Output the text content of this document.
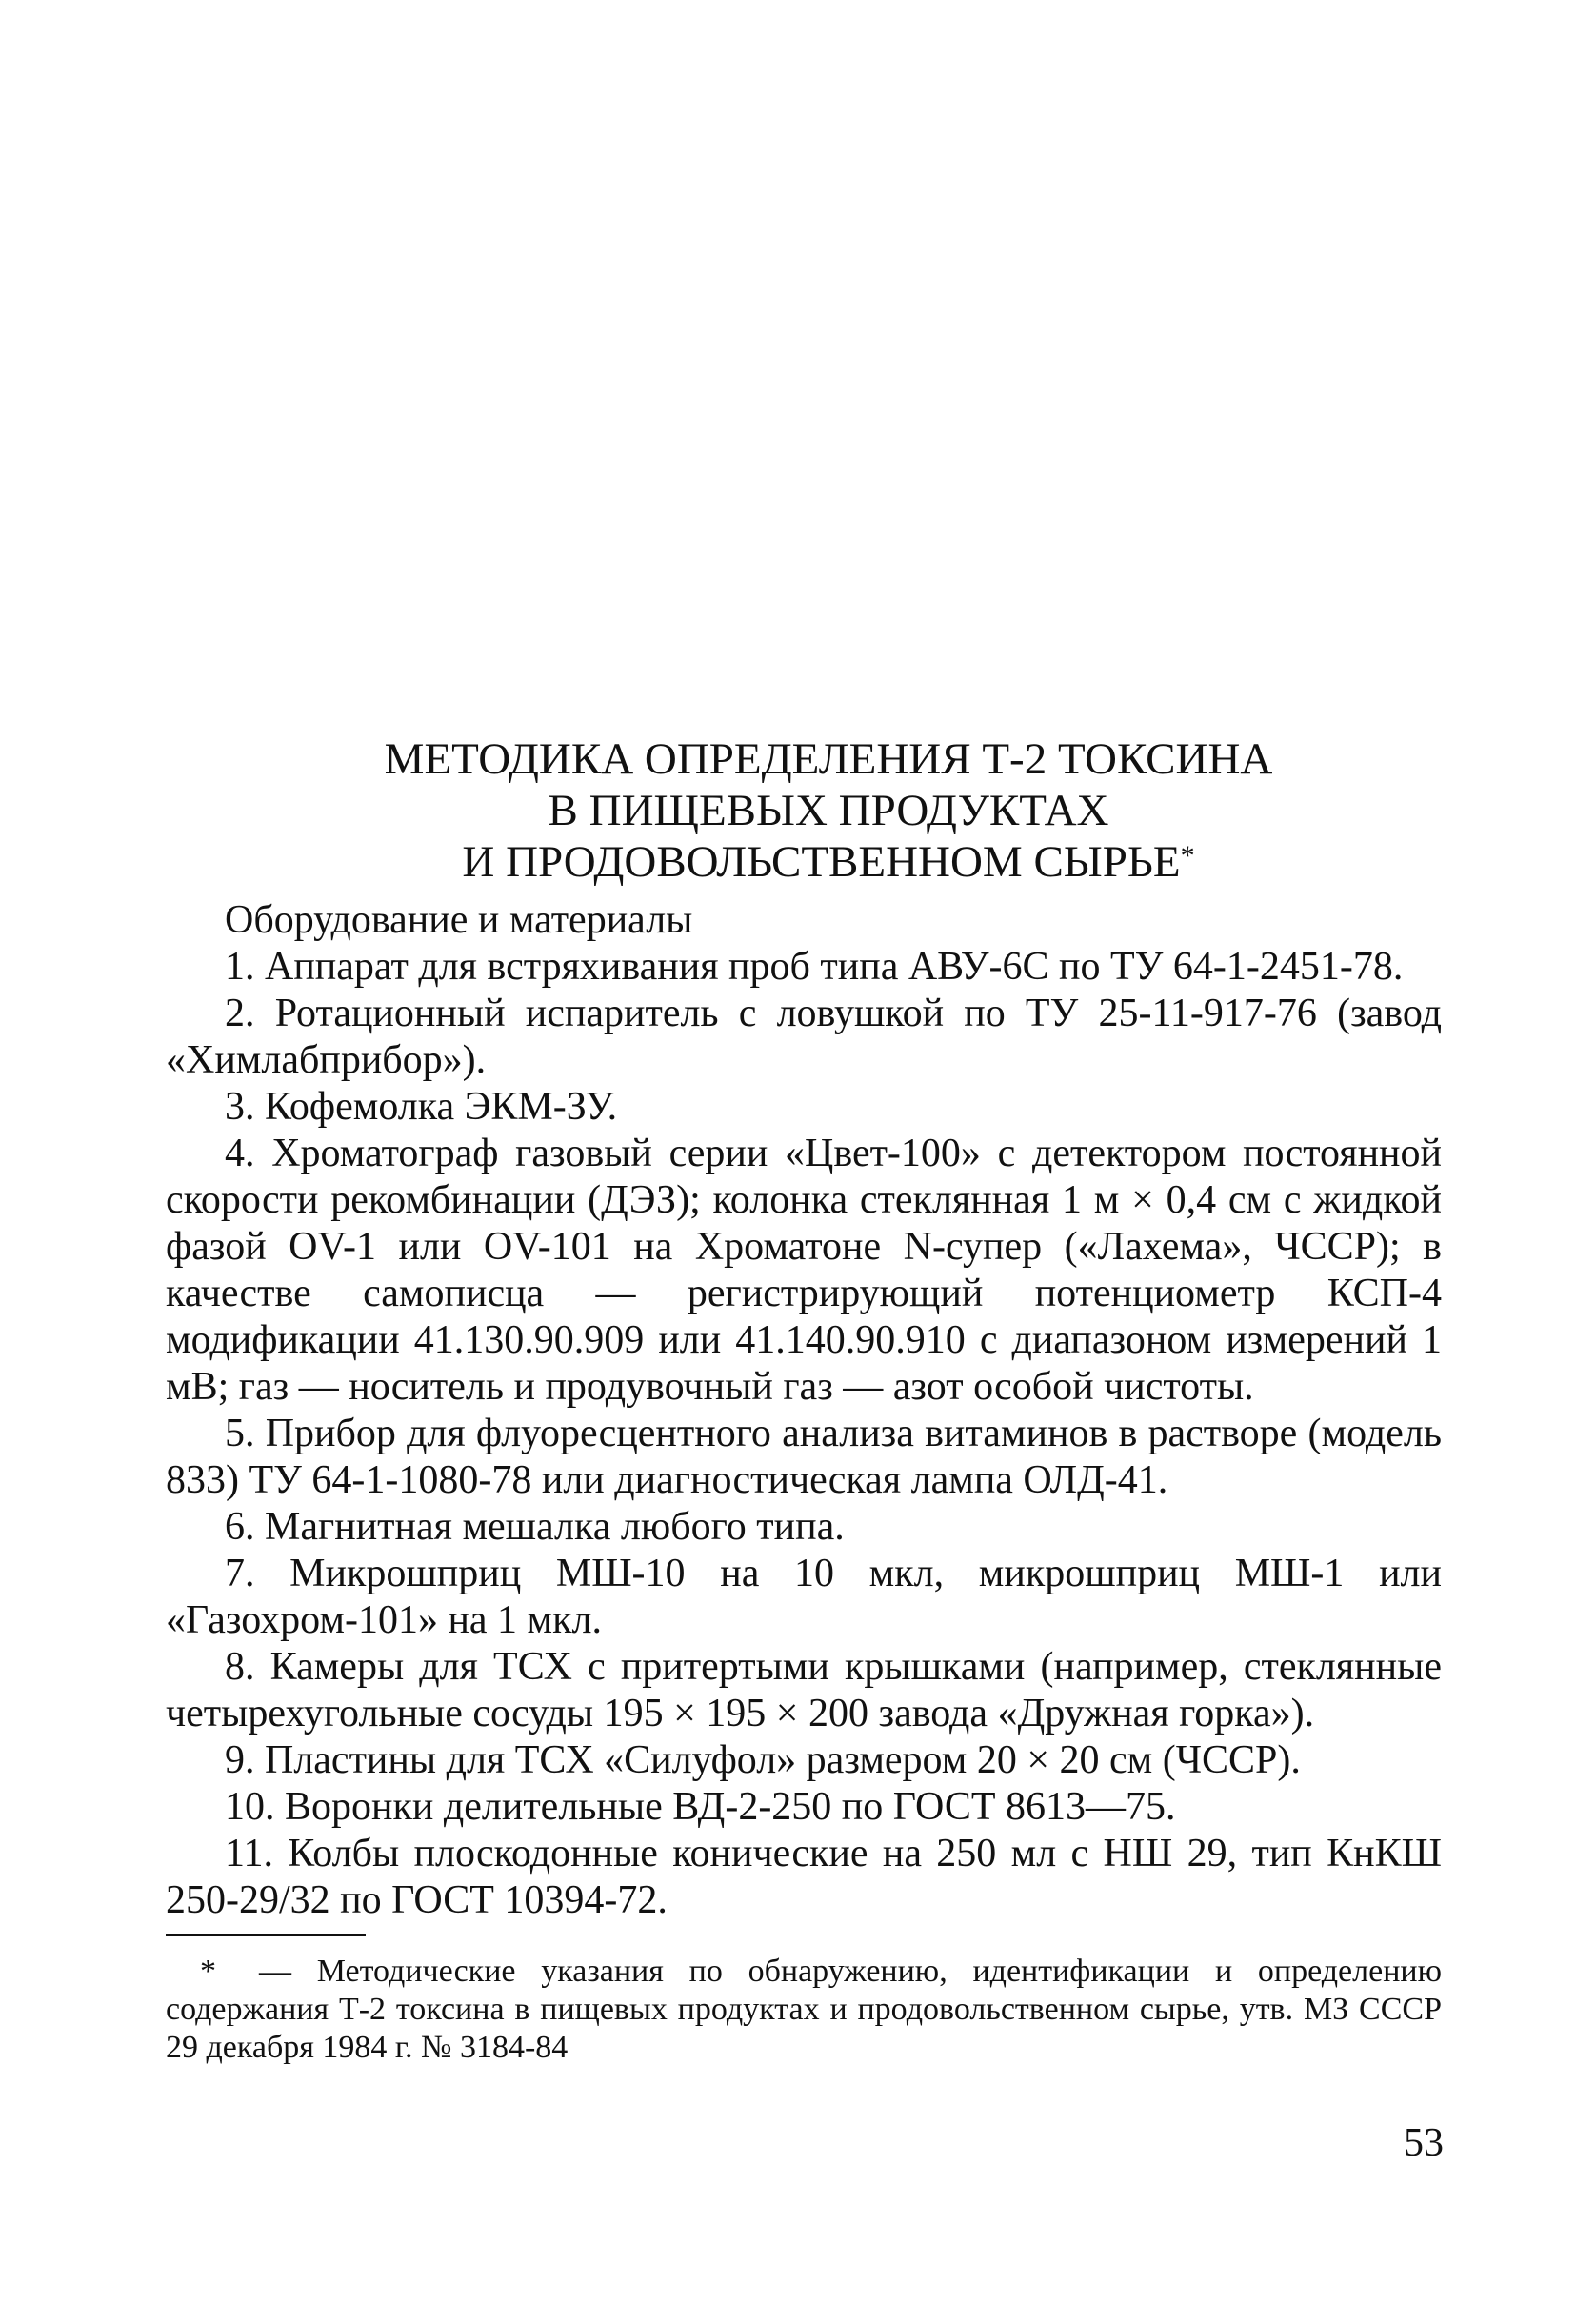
МЕТОДИКА ОПРЕДЕЛЕНИЯ Т-2 ТОКСИНА
В ПИЩЕВЫХ ПРОДУКТАХ
И ПРОДОВОЛЬСТВЕННОМ СЫРЬЕ*
Оборудование и материалы
1. Аппарат для встряхивания проб типа АВУ-6С по ТУ 64-1-2451-78.
2. Ротационный испаритель с ловушкой по ТУ 25-11-917-76 (завод «Химлабприбор»).
3. Кофемолка ЭКМ-ЗУ.
4. Хроматограф газовый серии «Цвет-100» с детектором постоянной скорости рекомбинации (ДЭЗ); колонка стеклянная 1 м × 0,4 см с жидкой фазой OV-1 или OV-101 на Хроматоне N-супер («Лахема», ЧССР); в качестве самописца — регистрирующий потенциометр КСП-4 модификации 41.130.90.909 или 41.140.90.910 с диапазоном измерений 1 мВ; газ — носитель и продувочный газ — азот особой чистоты.
5. Прибор для флуоресцентного анализа витаминов в растворе (модель 833) ТУ 64-1-1080-78 или диагностическая лампа ОЛД-41.
6. Магнитная мешалка любого типа.
7. Микрошприц МШ-10 на 10 мкл, микрошприц МШ-1 или «Газохром-101» на 1 мкл.
8. Камеры для ТСХ с притертыми крышками (например, стеклянные четырехугольные сосуды 195 × 195 × 200 завода «Дружная горка»).
9. Пластины для ТСХ «Силуфол» размером 20 × 20 см (ЧССР).
10. Воронки делительные ВД-2-250 по ГОСТ 8613—75.
11. Колбы плоскодонные конические на 250 мл с НШ 29, тип КнКШ 250-29/32 по ГОСТ 10394-72.
* — Методические указания по обнаружению, идентификации и определению содержания Т-2 токсина в пищевых продуктах и продовольственном сырье, утв. МЗ СССР 29 декабря 1984 г. № 3184-84
53
